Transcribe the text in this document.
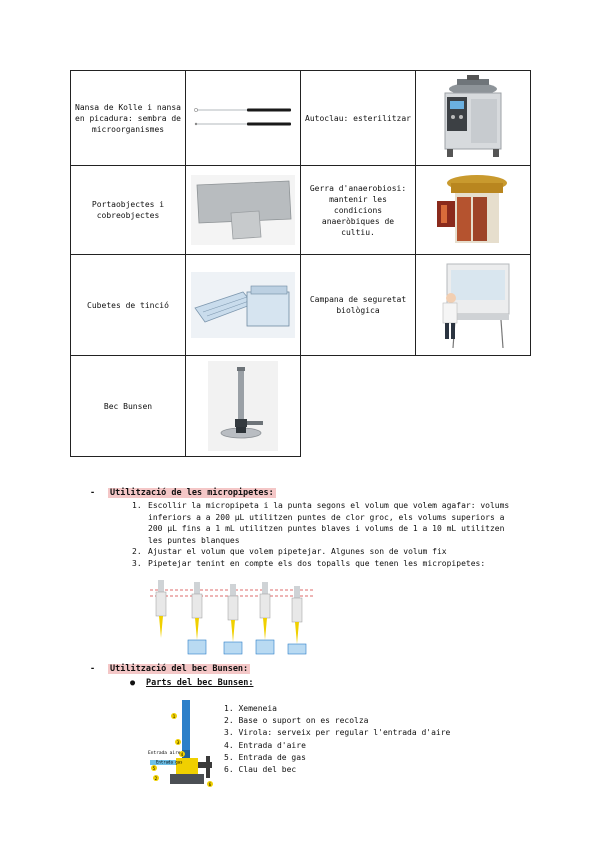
Nansa de Kolle i nansa en picadura: sembra de microorganismes		Autoclau: esterilitzar	

Portaobjectes i cobreobjectes		Gerra d'anaerobiosi: mantenir les condicions anaeròbiques de cultiu.	

Cubetes de tinció		Campana de seguretat biològica	

Bec Bunsen	

- Utilització de les micropipetes:
1. Escollir la micropipeta i la punta segons el volum que volem agafar: volums inferiors a a 200 µL utilitzen puntes de clor groc, els volums superiors a 200 µL fins a 1 mL utilitzen puntes blaves i volums de 1 a 10 mL utilitzen les puntes blanques
2. Ajustar el volum que volem pipetejar. Algunes son de volum fix
3. Pipetejar tenint en compte els dos topalls que tenen les micropipetes:
- Utilització del bec Bunsen:
● Parts del bec Bunsen:
1
2
3
4
5
6
Entrada aire
Entrada gas
1. Xemeneia
2. Base o suport on es recolza
3. Virola: serveix per regular l'entrada d'aire
4. Entrada d'aire
5. Entrada de gas
6. Clau del bec
